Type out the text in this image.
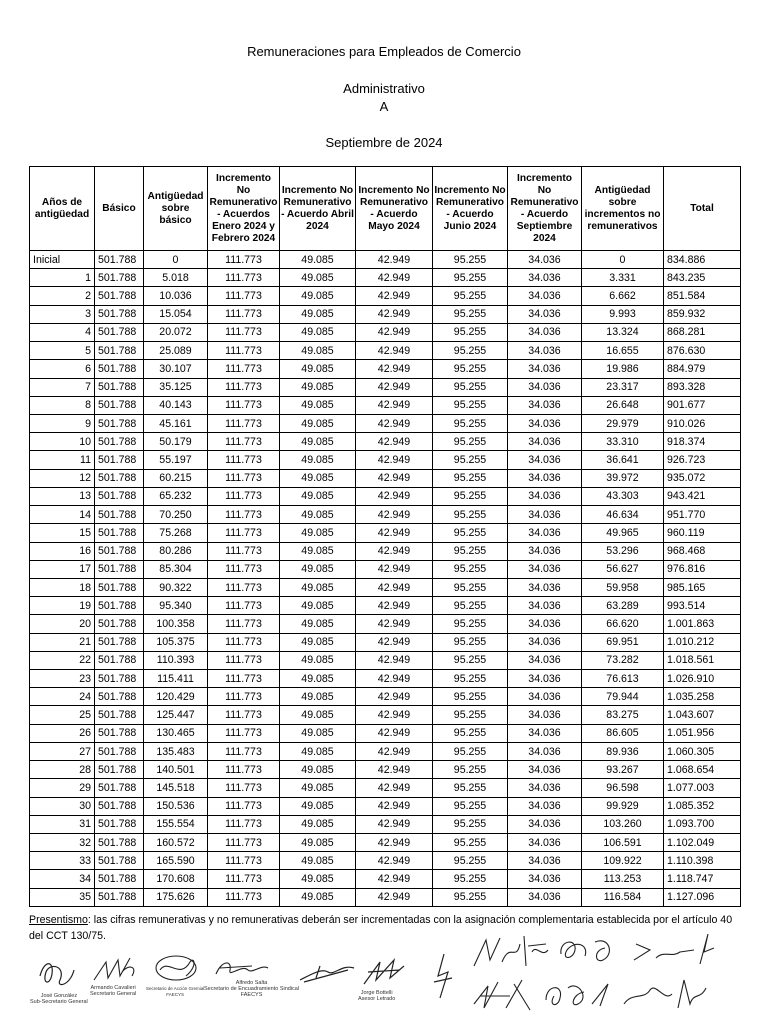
Remuneraciones para Empleados de Comercio
Administrativo
A
Septiembre de 2024
Años de antigüedad	Básico	Antigüedad sobre básico	Incremento No Remunerativo - Acuerdos Enero 2024 y Febrero 2024	Incremento No Remunerativo - Acuerdo Abril 2024	Incremento No Remunerativo - Acuerdo Mayo 2024	Incremento No Remunerativo - Acuerdo Junio 2024	Incremento No Remunerativo - Acuerdo Septiembre 2024	Antigüedad sobre incrementos no remunerativos	Total
Inicial	501.788	0	111.773	49.085	42.949	95.255	34.036	0	834.886
1	501.788	5.018	111.773	49.085	42.949	95.255	34.036	3.331	843.235
2	501.788	10.036	111.773	49.085	42.949	95.255	34.036	6.662	851.584
3	501.788	15.054	111.773	49.085	42.949	95.255	34.036	9.993	859.932
4	501.788	20.072	111.773	49.085	42.949	95.255	34.036	13.324	868.281
5	501.788	25.089	111.773	49.085	42.949	95.255	34.036	16.655	876.630
6	501.788	30.107	111.773	49.085	42.949	95.255	34.036	19.986	884.979
7	501.788	35.125	111.773	49.085	42.949	95.255	34.036	23.317	893.328
8	501.788	40.143	111.773	49.085	42.949	95.255	34.036	26.648	901.677
9	501.788	45.161	111.773	49.085	42.949	95.255	34.036	29.979	910.026
10	501.788	50.179	111.773	49.085	42.949	95.255	34.036	33.310	918.374
11	501.788	55.197	111.773	49.085	42.949	95.255	34.036	36.641	926.723
12	501.788	60.215	111.773	49.085	42.949	95.255	34.036	39.972	935.072
13	501.788	65.232	111.773	49.085	42.949	95.255	34.036	43.303	943.421
14	501.788	70.250	111.773	49.085	42.949	95.255	34.036	46.634	951.770
15	501.788	75.268	111.773	49.085	42.949	95.255	34.036	49.965	960.119
16	501.788	80.286	111.773	49.085	42.949	95.255	34.036	53.296	968.468
17	501.788	85.304	111.773	49.085	42.949	95.255	34.036	56.627	976.816
18	501.788	90.322	111.773	49.085	42.949	95.255	34.036	59.958	985.165
19	501.788	95.340	111.773	49.085	42.949	95.255	34.036	63.289	993.514
20	501.788	100.358	111.773	49.085	42.949	95.255	34.036	66.620	1.001.863
21	501.788	105.375	111.773	49.085	42.949	95.255	34.036	69.951	1.010.212
22	501.788	110.393	111.773	49.085	42.949	95.255	34.036	73.282	1.018.561
23	501.788	115.411	111.773	49.085	42.949	95.255	34.036	76.613	1.026.910
24	501.788	120.429	111.773	49.085	42.949	95.255	34.036	79.944	1.035.258
25	501.788	125.447	111.773	49.085	42.949	95.255	34.036	83.275	1.043.607
26	501.788	130.465	111.773	49.085	42.949	95.255	34.036	86.605	1.051.956
27	501.788	135.483	111.773	49.085	42.949	95.255	34.036	89.936	1.060.305
28	501.788	140.501	111.773	49.085	42.949	95.255	34.036	93.267	1.068.654
29	501.788	145.518	111.773	49.085	42.949	95.255	34.036	96.598	1.077.003
30	501.788	150.536	111.773	49.085	42.949	95.255	34.036	99.929	1.085.352
31	501.788	155.554	111.773	49.085	42.949	95.255	34.036	103.260	1.093.700
32	501.788	160.572	111.773	49.085	42.949	95.255	34.036	106.591	1.102.049
33	501.788	165.590	111.773	49.085	42.949	95.255	34.036	109.922	1.110.398
34	501.788	170.608	111.773	49.085	42.949	95.255	34.036	113.253	1.118.747
35	501.788	175.626	111.773	49.085	42.949	95.255	34.036	116.584	1.127.096
Presentismo: las cifras remunerativas y no remunerativas deberán ser incrementadas con la asignación complementaria establecida por el artículo 40 del CCT 130/75.
José González
Sub-Secretario General
Armando Cavalieri
Secretario General
Secretario de Acción Gremial
FAECYS
Alfredo Salta
Secretario de Encuadramiento Sindical
FAECYS	Jorge Bottelli
Asesor Letrado
